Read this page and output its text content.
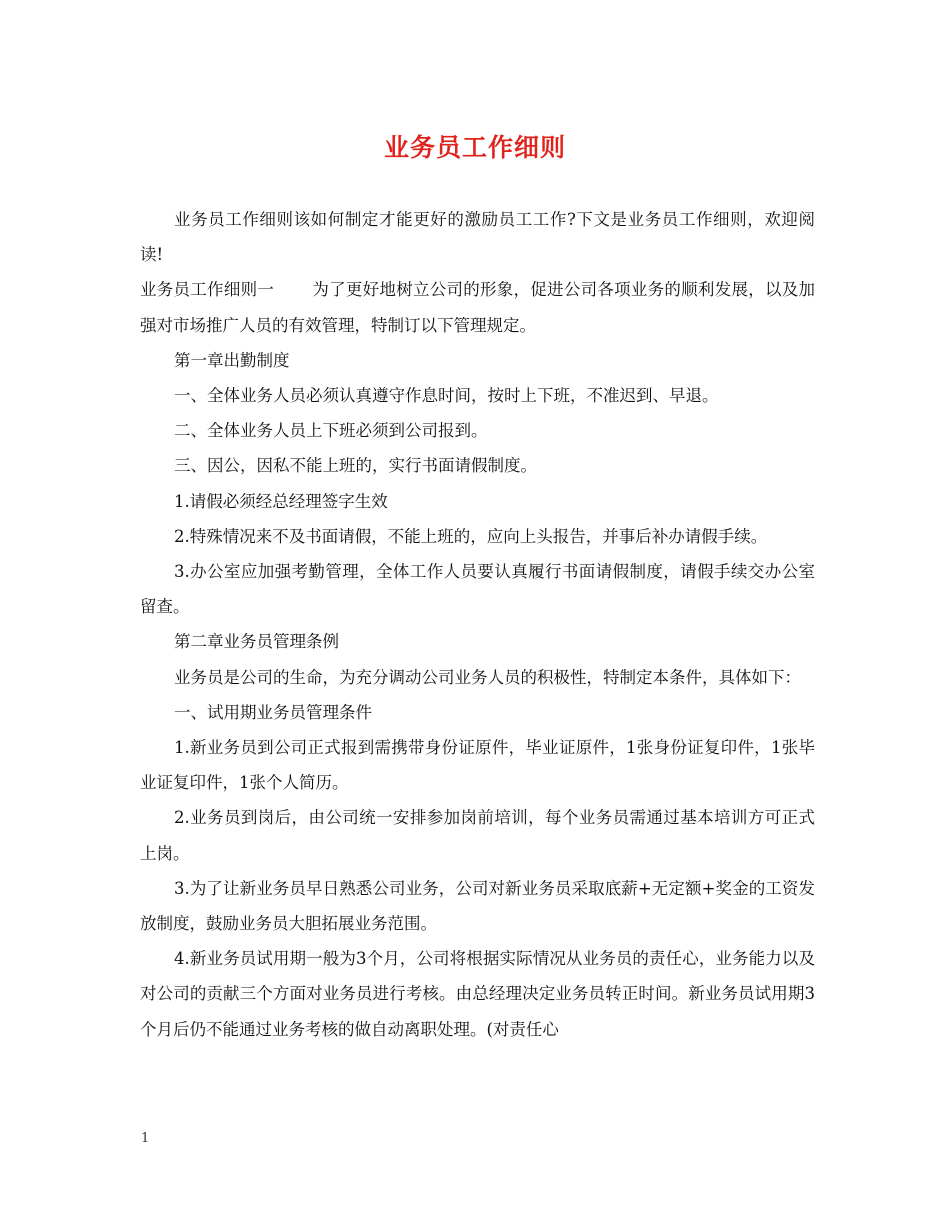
业务员工作细则

业务员工作细则该如何制定才能更好的激励员工工作?下文是业务员工作细则，欢迎阅读!

业务员工作细则一 为了更好地树立公司的形象，促进公司各项业务的顺利发展，以及加强对市场推广人员的有效管理，特制订以下管理规定。

第一章出勤制度

一、全体业务人员必须认真遵守作息时间，按时上下班，不准迟到、早退。

二、全体业务人员上下班必须到公司报到。

三、因公，因私不能上班的，实行书面请假制度。

1.请假必须经总经理签字生效

2.特殊情况来不及书面请假，不能上班的，应向上头报告，并事后补办请假手续。

3.办公室应加强考勤管理，全体工作人员要认真履行书面请假制度，请假手续交办公室留查。

第二章业务员管理条例

业务员是公司的生命，为充分调动公司业务人员的积极性，特制定本条件，具体如下：

一、试用期业务员管理条件

1.新业务员到公司正式报到需携带身份证原件，毕业证原件，1张身份证复印件，1张毕业证复印件，1张个人简历。

2.业务员到岗后，由公司统一安排参加岗前培训，每个业务员需通过基本培训方可正式上岗。

3.为了让新业务员早日熟悉公司业务，公司对新业务员采取底薪+无定额+奖金的工资发放制度，鼓励业务员大胆拓展业务范围。

4.新业务员试用期一般为3个月，公司将根据实际情况从业务员的责任心，业务能力以及对公司的贡献三个方面对业务员进行考核。由总经理决定业务员转正时间。新业务员试用期3个月后仍不能通过业务考核的做自动离职处理。(对责任心

1
